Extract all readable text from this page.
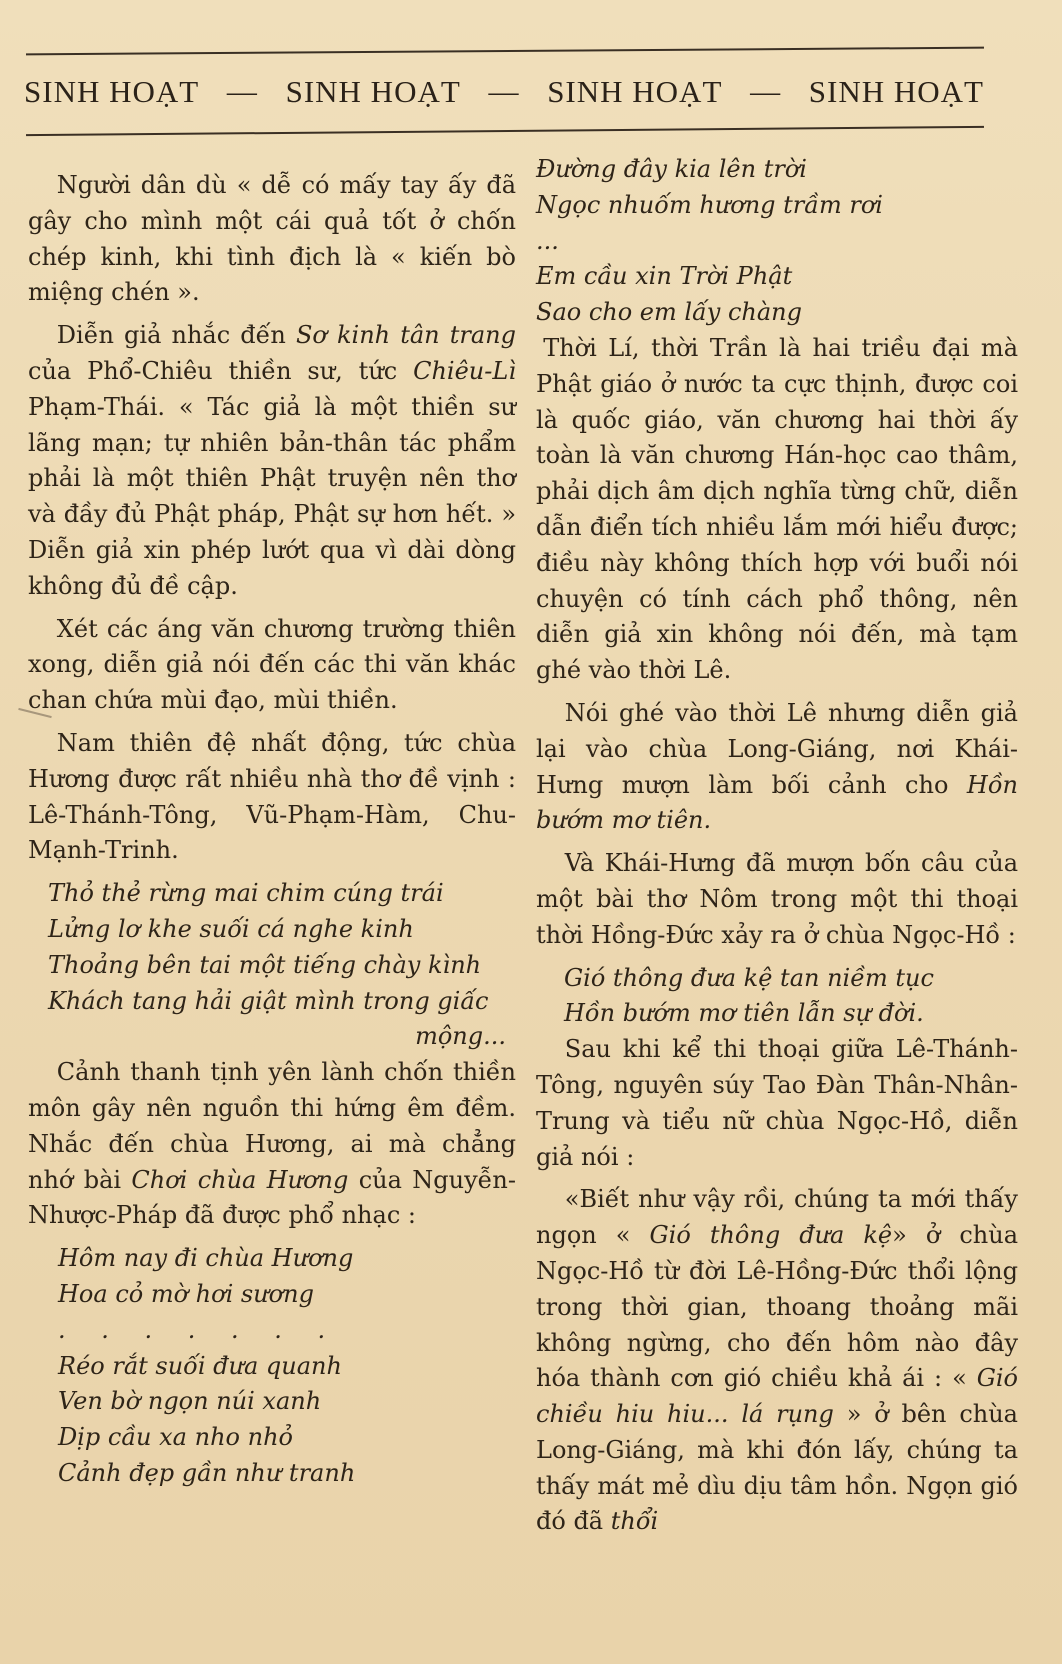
SINH HOẠT — SINH HOẠT — SINH HOẠT — SINH HOẠT

Người dân dù « dễ có mấy tay ấy đã gây cho mình một cái quả tốt ở chốn chép kinh, khi tình địch là « kiến bò miệng chén ».

Diễn giả nhắc đến Sơ kinh tân trang của Phổ-Chiêu thiền sư, tức Chiêu-Lì Phạm-Thái. « Tác giả là một thiền sư lãng mạn; tự nhiên bản-thân tác phẩm phải là một thiên Phật truyện nên thơ và đầy đủ Phật pháp, Phật sự hơn hết. » Diễn giả xin phép lướt qua vì dài dòng không đủ đề cập.

Xét các áng văn chương trường thiên xong, diễn giả nói đến các thi văn khác chan chứa mùi đạo, mùi thiền.

Nam thiên đệ nhất động, tức chùa Hương được rất nhiều nhà thơ đề vịnh : Lê-Thánh-Tông, Vũ-Phạm-Hàm, Chu-Mạnh-Trinh.

Thỏ thẻ rừng mai chim cúng trái
Lửng lơ khe suối cá nghe kinh
Thoảng bên tai một tiếng chày kình
Khách tang hải giật mình trong giấc
mộng...

Cảnh thanh tịnh yên lành chốn thiền môn gây nên nguồn thi hứng êm đềm. Nhắc đến chùa Hương, ai mà chẳng nhớ bài Chơi chùa Hương của Nguyễn-Nhược-Pháp đã được phổ nhạc :

Hôm nay đi chùa Hương
Hoa cỏ mờ hơi sương
. . . . . . .
Réo rắt suối đưa quanh
Ven bờ ngọn núi xanh
Dịp cầu xa nho nhỏ
Cảnh đẹp gần như tranh
Đường đây kia lên trời
Ngọc nhuốm hương trầm rơi
...
Em cầu xin Trời Phật
Sao cho em lấy chàng

Thời Lí, thời Trần là hai triều đại mà Phật giáo ở nước ta cực thịnh, được coi là quốc giáo, văn chương hai thời ấy toàn là văn chương Hán-học cao thâm, phải dịch âm dịch nghĩa từng chữ, diễn dẫn điển tích nhiều lắm mới hiểu được; điều này không thích hợp với buổi nói chuyện có tính cách phổ thông, nên diễn giả xin không nói đến, mà tạm ghé vào thời Lê.

Nói ghé vào thời Lê nhưng diễn giả lại vào chùa Long-Giáng, nơi Khái-Hưng mượn làm bối cảnh cho Hồn bướm mơ tiên.

Và Khái-Hưng đã mượn bốn câu của một bài thơ Nôm trong một thi thoại thời Hồng-Đức xảy ra ở chùa Ngọc-Hồ :

Gió thông đưa kệ tan niềm tục
Hồn bướm mơ tiên lẫn sự đời.

Sau khi kể thi thoại giữa Lê-Thánh-Tông, nguyên súy Tao Đàn Thân-Nhân-Trung và tiểu nữ chùa Ngọc-Hồ, diễn giả nói :

«Biết như vậy rồi, chúng ta mới thấy ngọn « Gió thông đưa kệ» ở chùa Ngọc-Hồ từ đời Lê-Hồng-Đức thổi lộng trong thời gian, thoang thoảng mãi không ngừng, cho đến hôm nào đây hóa thành cơn gió chiều khả ái : « Gió chiều hiu hiu... lá rụng » ở bên chùa Long-Giáng, mà khi đón lấy, chúng ta thấy mát mẻ dìu dịu tâm hồn. Ngọn gió đó đã thổi
